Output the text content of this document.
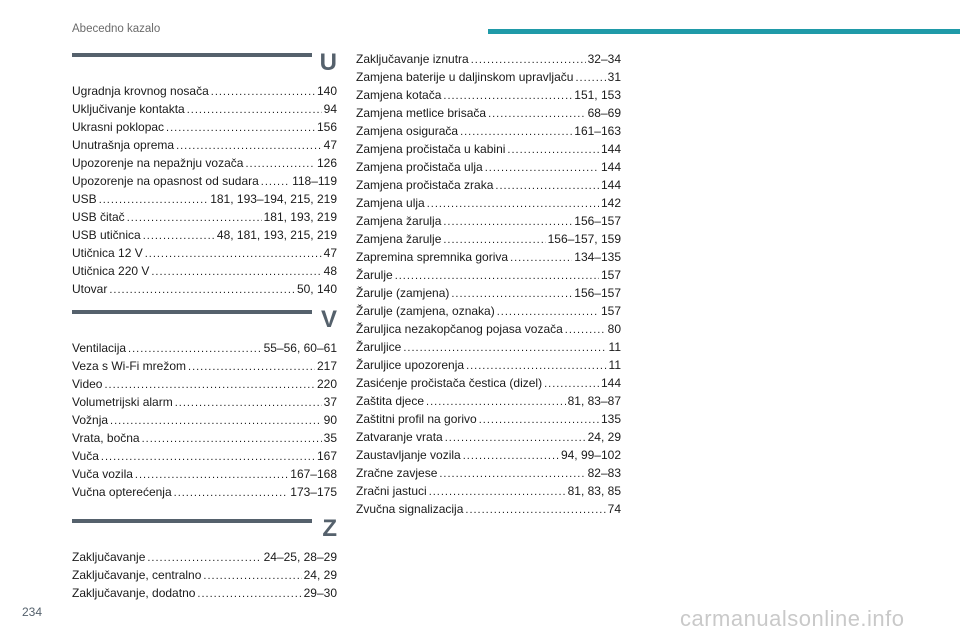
Abecedno kazalo
U
Ugradnja krovnog nosača .....	140
Uključivanje kontakta .....	94
Ukrasni poklopac .....	156
Unutrašnja oprema .....	47
Upozorenje na nepažnju vozača .....	126
Upozorenje na opasnost od sudara .....	118–119
USB .....	181, 193–194, 215, 219
USB čitač .....	181, 193, 219
USB utičnica .....	48, 181, 193, 215, 219
Utičnica 12 V .....	47
Utičnica 220 V .....	48
Utovar .....	50, 140
V
Ventilacija .....	55–56, 60–61
Veza s Wi-Fi mrežom .....	217
Video .....	220
Volumetrijski alarm .....	37
Vožnja .....	90
Vrata, bočna .....	35
Vuča .....	167
Vuča vozila .....	167–168
Vučna opterećenja .....	173–175
Z
Zaključavanje .....	24–25, 28–29
Zaključavanje, centralno .....	24, 29
Zaključavanje, dodatno .....	29–30
Zaključavanje iznutra .....	32–34
Zamjena baterije u daljinskom upravljaču .....	31
Zamjena kotača .....	151, 153
Zamjena metlice brisača .....	68–69
Zamjena osigurača .....	161–163
Zamjena pročistača u kabini .....	144
Zamjena pročistača ulja .....	144
Zamjena pročistača zraka .....	144
Zamjena ulja .....	142
Zamjena žarulja .....	156–157
Zamjena žarulje .....	156–157, 159
Zapremina spremnika goriva .....	134–135
Žarulje .....	157
Žarulje (zamjena) .....	156–157
Žarulje (zamjena, oznaka) .....	157
Žaruljica nezakopčanog pojasa vozača .....	80
Žaruljice .....	11
Žaruljice upozorenja .....	11
Zasićenje pročistača čestica (dizel) .....	144
Zaštita djece .....	81, 83–87
Zaštitni profil na gorivo .....	135
Zatvaranje vrata .....	24, 29
Zaustavljanje vozila .....	94, 99–102
Zračne zavjese .....	82–83
Zračni jastuci .....	81, 83, 85
Zvučna signalizacija .....	74
234	carmanualsonline.info
